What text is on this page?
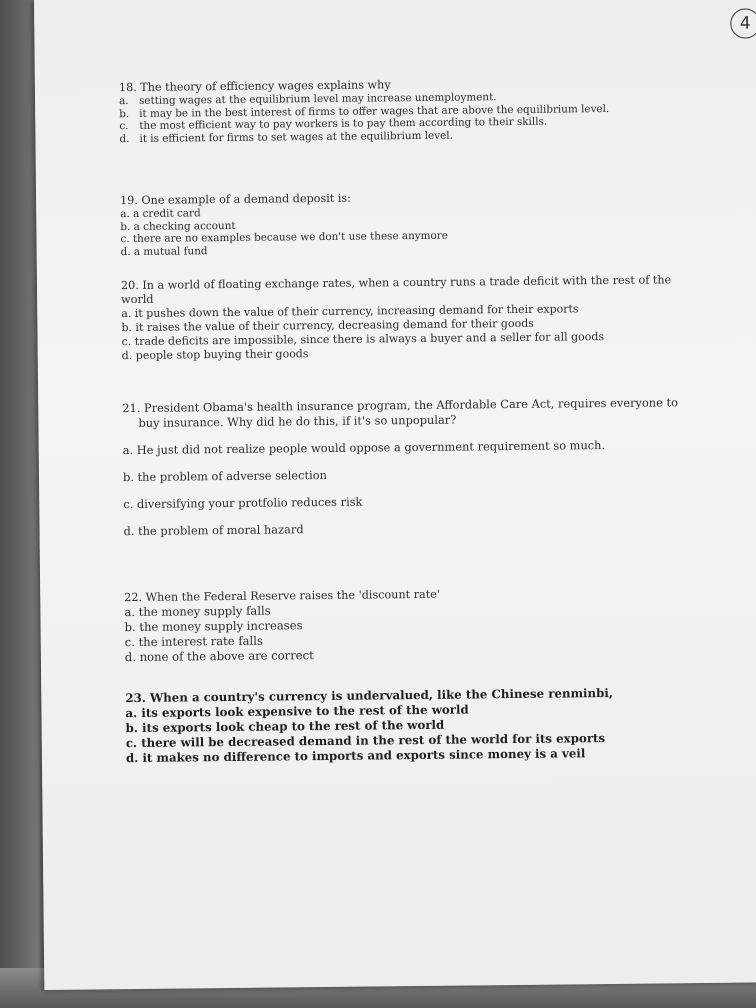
4

18. The theory of efficiency wages explains why

a. setting wages at the equilibrium level may increase unemployment.

b. it may be in the best interest of firms to offer wages that are above the equilibrium level.

c. the most efficient way to pay workers is to pay them according to their skills.

d. it is efficient for firms to set wages at the equilibrium level.

19. One example of a demand deposit is:

a. a credit card

b. a checking account

c. there are no examples because we don't use these anymore

d. a mutual fund

20. In a world of floating exchange rates, when a country runs a trade deficit with the rest of the world

a. it pushes down the value of their currency, increasing demand for their exports

b. it raises the value of their currency, decreasing demand for their goods

c. trade deficits are impossible, since there is always a buyer and a seller for all goods

d. people stop buying their goods

21. President Obama's health insurance program, the Affordable Care Act, requires everyone to buy insurance. Why did he do this, if it's so unpopular?

a. He just did not realize people would oppose a government requirement so much.

b. the problem of adverse selection

c. diversifying your protfolio reduces risk

d. the problem of moral hazard

22. When the Federal Reserve raises the 'discount rate'

a. the money supply falls

b. the money supply increases

c. the interest rate falls

d. none of the above are correct

23. When a country's currency is undervalued, like the Chinese renminbi,

a. its exports look expensive to the rest of the world

b. its exports look cheap to the rest of the world

c. there will be decreased demand in the rest of the world for its exports

d. it makes no difference to imports and exports since money is a veil
